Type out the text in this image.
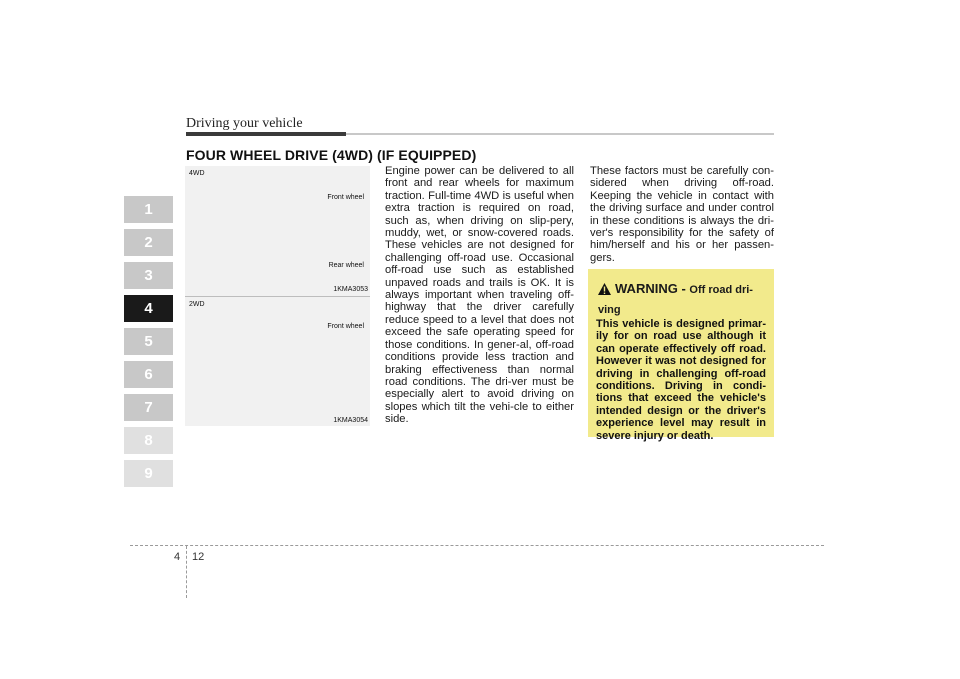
Driving your vehicle
FOUR WHEEL DRIVE (4WD) (IF EQUIPPED)
1
2
3
4
5
6
7
8
9
4WD
Front wheel
Rear wheel
1KMA3053
2WD
Front wheel
1KMA3054
Engine power can be delivered to all front and rear wheels for maximum traction. Full-time 4WD is useful when extra traction is required on road, such as, when driving on slip-pery, muddy, wet, or snow-covered roads. These vehicles are not designed for challenging off-road use. Occasional off-road use such as established unpaved roads and trails is OK. It is always important when traveling off-highway that the driver carefully reduce speed to a level that does not exceed the safe operating speed for those conditions. In gener-al, off-road conditions provide less traction and braking effectiveness than normal road conditions. The dri-ver must be especially alert to avoid driving on slopes which tilt the vehi-cle to either side.
These factors must be carefully con-sidered when driving off-road. Keeping the vehicle in contact with the driving surface and under control in these conditions is always the dri-ver's responsibility for the safety of him/herself and his or her passen-gers.
WARNING - Off road dri-ving
This vehicle is designed primar-ily for on road use although it can operate effectively off road. However it was not designed for driving in challenging off-road conditions. Driving in condi-tions that exceed the vehicle's intended design or the driver's experience level may result in severe injury or death.
4 12
